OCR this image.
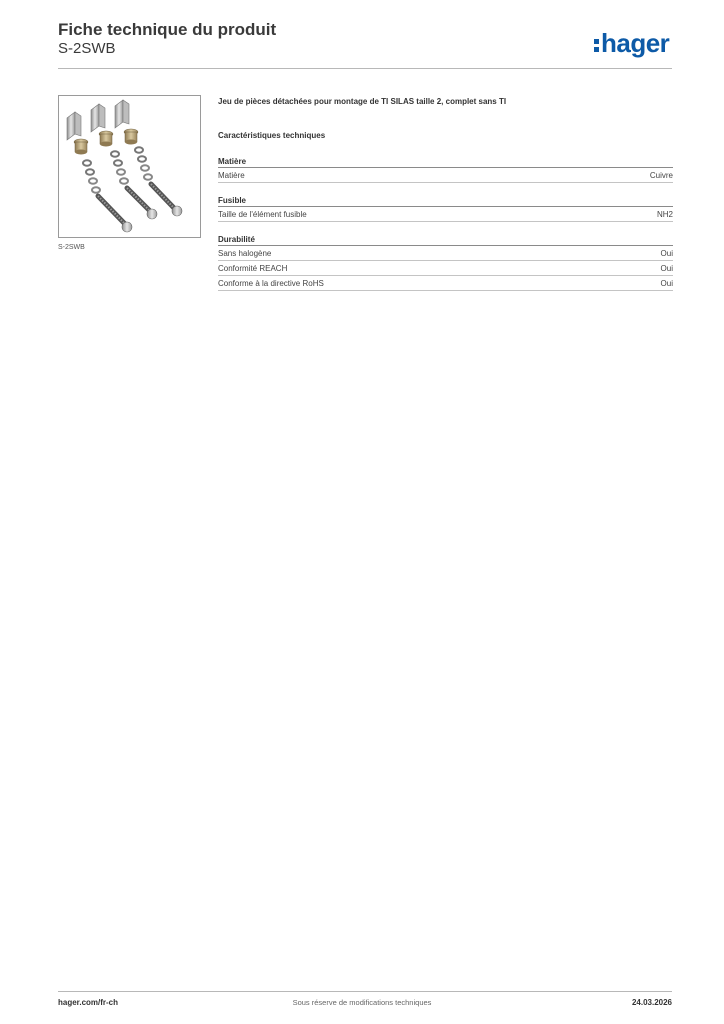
Fiche technique du produit
S-2SWB	hager
S-2SWB
Jeu de pièces détachées pour montage de TI SILAS taille 2, complet sans TI
Caractéristiques techniques
Matière
Matière	Cuivre
Fusible
Taille de l'élément fusible	NH2
Durabilité
Sans halogène	Oui
Conformité REACH	Oui
Conforme à la directive RoHS	Oui
hager.com/fr-ch	Sous réserve de modifications techniques	24.03.2026
